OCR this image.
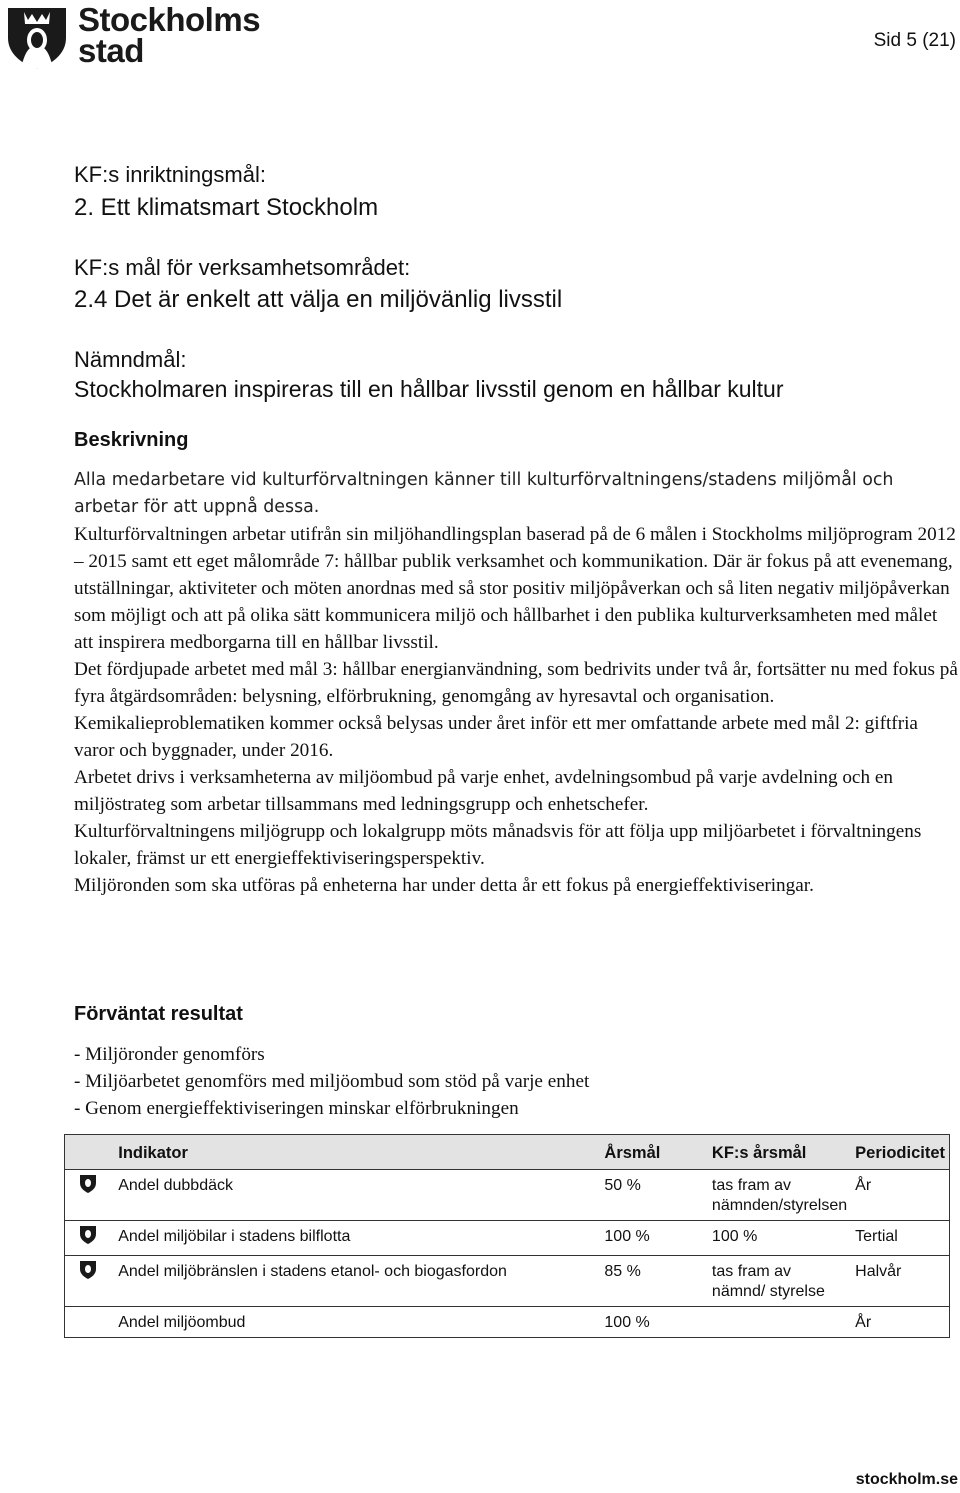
Stockholms
stad	Sid 5 (21)
KF:s inriktningsmål:
2. Ett klimatsmart Stockholm
KF:s mål för verksamhetsområdet:
2.4 Det är enkelt att välja en miljövänlig livsstil
Nämndmål:
Stockholmaren inspireras till en hållbar livsstil genom en hållbar kultur
Beskrivning
Alla medarbetare vid kulturförvaltningen känner till kulturförvaltningens/stadens miljömål och arbetar för att uppnå dessa.

Kulturförvaltningen arbetar utifrån sin miljöhandlingsplan baserad på de 6 målen i Stockholms miljöprogram 2012 – 2015 samt ett eget målområde 7: hållbar publik verksamhet och kommunikation. Där är fokus på att evenemang, utställningar, aktiviteter och möten anordnas med så stor positiv miljöpåverkan och så liten negativ miljöpåverkan som möjligt och att på olika sätt kommunicera miljö och hållbarhet i den publika kulturverksamheten med målet att inspirera medborgarna till en hållbar livsstil.

Det fördjupade arbetet med mål 3: hållbar energianvändning, som bedrivits under två år, fortsätter nu med fokus på fyra åtgärdsområden: belysning, elförbrukning, genomgång av hyresavtal och organisation.

Kemikalieproblematiken kommer också belysas under året inför ett mer omfattande arbete med mål 2: giftfria varor och byggnader, under 2016.

Arbetet drivs i verksamheterna av miljöombud på varje enhet, avdelningsombud på varje avdelning och en miljöstrateg som arbetar tillsammans med ledningsgrupp och enhetschefer.

Kulturförvaltningens miljögrupp och lokalgrupp möts månadsvis för att följa upp miljöarbetet i förvaltningens lokaler, främst ur ett energieffektiviseringsperspektiv.

Miljöronden som ska utföras på enheterna har under detta år ett fokus på energieffektiviseringar.

Förväntat resultat
- Miljöronder genomförs
- Miljöarbetet genomförs med miljöombud som stöd på varje enhet
- Genom energieffektiviseringen minskar elförbrukningen
	Indikator	Årsmål	KF:s årsmål	Periodicitet
	Andel dubbdäck	50 %	tas fram av nämnden/styrelsen	År
	Andel miljöbilar i stadens bilflotta	100 %	100 %	Tertial
	Andel miljöbränslen i stadens etanol- och biogasfordon	85 %	tas fram av nämnd/ styrelse	Halvår
	Andel miljöombud	100 %		År
stockholm.se
